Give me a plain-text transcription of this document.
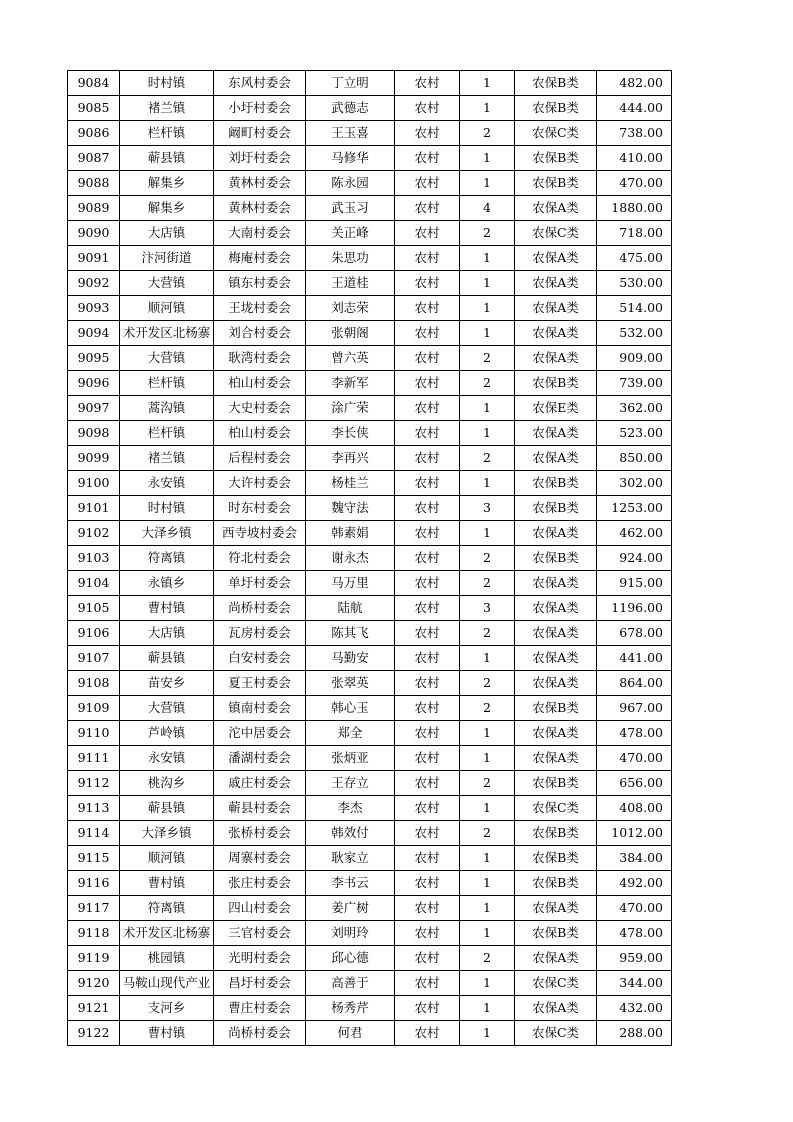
9084	时村镇	东风村委会	丁立明	农村	1	农保B类	482.00
9085	褚兰镇	小圩村委会	武德志	农村	1	农保B类	444.00
9086	栏杆镇	阚町村委会	王玉喜	农村	2	农保C类	738.00
9087	蕲县镇	刘圩村委会	马修华	农村	1	农保B类	410.00
9088	解集乡	黄林村委会	陈永园	农村	1	农保B类	470.00
9089	解集乡	黄林村委会	武玉习	农村	4	农保A类	1880.00
9090	大店镇	大南村委会	关正峰	农村	2	农保C类	718.00
9091	汴河街道	梅庵村委会	朱思功	农村	1	农保A类	475.00
9092	大营镇	镇东村委会	王道桂	农村	1	农保A类	530.00
9093	顺河镇	王垅村委会	刘志荣	农村	1	农保A类	514.00
9094	术开发区北杨寨	刘合村委会	张朝阁	农村	1	农保A类	532.00
9095	大营镇	耿湾村委会	曾六英	农村	2	农保A类	909.00
9096	栏杆镇	柏山村委会	李新军	农村	2	农保B类	739.00
9097	蒿沟镇	大史村委会	涂广荣	农村	1	农保E类	362.00
9098	栏杆镇	柏山村委会	李长侠	农村	1	农保A类	523.00
9099	褚兰镇	后程村委会	李再兴	农村	2	农保A类	850.00
9100	永安镇	大许村委会	杨桂兰	农村	1	农保B类	302.00
9101	时村镇	时东村委会	魏守法	农村	3	农保B类	1253.00
9102	大泽乡镇	西寺坡村委会	韩素娟	农村	1	农保A类	462.00
9103	符离镇	符北村委会	谢永杰	农村	2	农保B类	924.00
9104	永镇乡	单圩村委会	马万里	农村	2	农保A类	915.00
9105	曹村镇	尚桥村委会	陆航	农村	3	农保A类	1196.00
9106	大店镇	瓦房村委会	陈其飞	农村	2	农保A类	678.00
9107	蕲县镇	白安村委会	马勤安	农村	1	农保A类	441.00
9108	苗安乡	夏王村委会	张翠英	农村	2	农保A类	864.00
9109	大营镇	镇南村委会	韩心玉	农村	2	农保B类	967.00
9110	芦岭镇	沱中居委会	郑全	农村	1	农保A类	478.00
9111	永安镇	潘湖村委会	张炳亚	农村	1	农保A类	470.00
9112	桃沟乡	戚庄村委会	王存立	农村	2	农保B类	656.00
9113	蕲县镇	蕲县村委会	李杰	农村	1	农保C类	408.00
9114	大泽乡镇	张桥村委会	韩效付	农村	2	农保B类	1012.00
9115	顺河镇	周寨村委会	耿家立	农村	1	农保B类	384.00
9116	曹村镇	张庄村委会	李书云	农村	1	农保B类	492.00
9117	符离镇	四山村委会	姜广树	农村	1	农保A类	470.00
9118	术开发区北杨寨	三官村委会	刘明玲	农村	1	农保B类	478.00
9119	桃园镇	光明村委会	邱心德	农村	2	农保A类	959.00
9120	马鞍山现代产业	昌圩村委会	高善于	农村	1	农保C类	344.00
9121	支河乡	曹庄村委会	杨秀芹	农村	1	农保A类	432.00
9122	曹村镇	尚桥村委会	何君	农村	1	农保C类	288.00
